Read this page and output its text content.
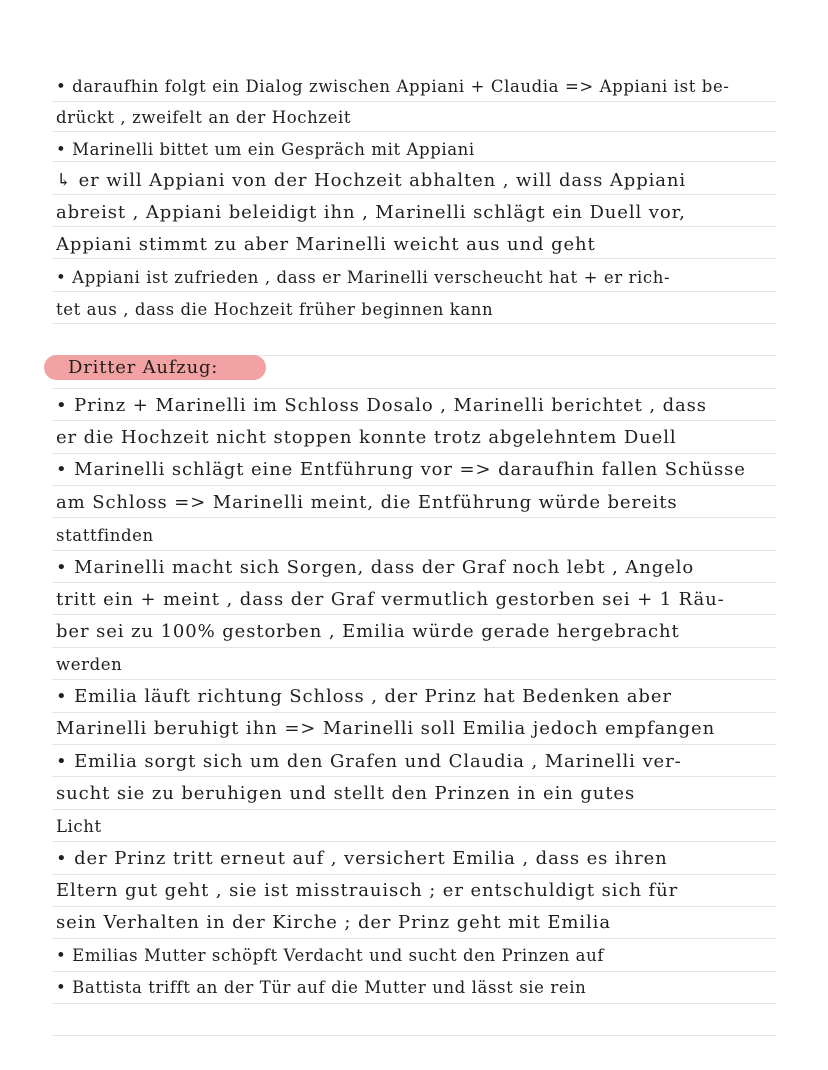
• daraufhin folgt ein Dialog zwischen Appiani + Claudia => Appiani ist be-
drückt , zweifelt an der Hochzeit
• Marinelli bittet um ein Gespräch mit Appiani
↳ er will Appiani von der Hochzeit abhalten , will dass Appiani
abreist , Appiani beleidigt ihn , Marinelli schlägt ein Duell vor,
Appiani stimmt zu aber Marinelli weicht aus und geht
• Appiani ist zufrieden , dass er Marinelli verscheucht hat + er rich-
tet aus , dass die Hochzeit früher beginnen kann
Dritter Aufzug:
• Prinz + Marinelli im Schloss Dosalo , Marinelli berichtet , dass
er die Hochzeit nicht stoppen konnte trotz abgelehntem Duell
• Marinelli schlägt eine Entführung vor => daraufhin fallen Schüsse
am Schloss => Marinelli meint, die Entführung würde bereits
stattfinden
• Marinelli macht sich Sorgen, dass der Graf noch lebt , Angelo
tritt ein + meint , dass der Graf vermutlich gestorben sei + 1 Räu-
ber sei zu 100% gestorben , Emilia würde gerade hergebracht
werden
• Emilia läuft richtung Schloss , der Prinz hat Bedenken aber
Marinelli beruhigt ihn => Marinelli soll Emilia jedoch empfangen
• Emilia sorgt sich um den Grafen und Claudia , Marinelli ver-
sucht sie zu beruhigen und stellt den Prinzen in ein gutes
Licht
• der Prinz tritt erneut auf , versichert Emilia , dass es ihren
Eltern gut geht , sie ist misstrauisch ; er entschuldigt sich für
sein Verhalten in der Kirche ; der Prinz geht mit Emilia
• Emilias Mutter schöpft Verdacht und sucht den Prinzen auf
• Battista trifft an der Tür auf die Mutter und lässt sie rein
